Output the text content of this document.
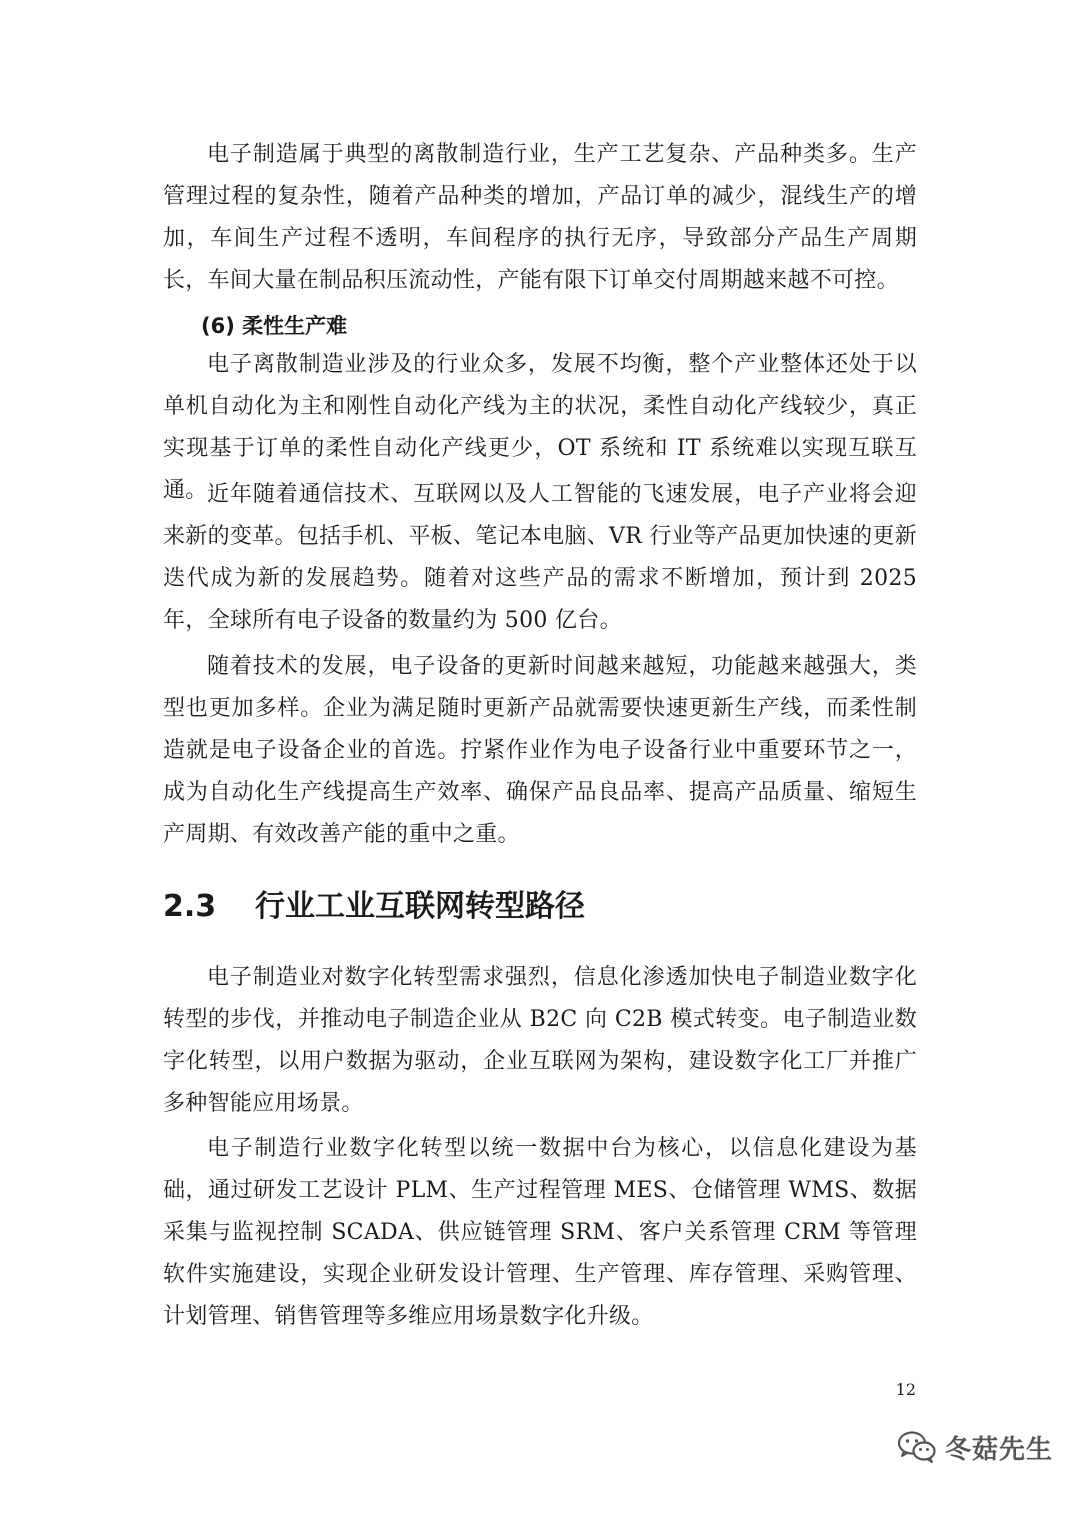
电子制造属于典型的离散制造行业，生产工艺复杂、产品种类多。生产管理过程的复杂性，随着产品种类的增加，产品订单的减少，混线生产的增加，车间生产过程不透明，车间程序的执行无序，导致部分产品生产周期长，车间大量在制品积压流动性，产能有限下订单交付周期越来越不可控。

(6) 柔性生产难

电子离散制造业涉及的行业众多，发展不均衡，整个产业整体还处于以单机自动化为主和刚性自动化产线为主的状况，柔性自动化产线较少，真正实现基于订单的柔性自动化产线更少，OT 系统和 IT 系统难以实现互联互通。 近年随着通信技术、互联网以及人工智能的飞速发展，电子产业将会迎来新的变革。包括手机、平板、笔记本电脑、VR 行业等产品更加快速的更新迭代成为新的发展趋势。随着对这些产品的需求不断增加，预计到 2025 年，全球所有电子设备的数量约为 500 亿台。

随着技术的发展，电子设备的更新时间越来越短，功能越来越强大，类型也更加多样。企业为满足随时更新产品就需要快速更新生产线，而柔性制造就是电子设备企业的首选。拧紧作业作为电子设备行业中重要环节之一，成为自动化生产线提高生产效率、确保产品良品率、提高产品质量、缩短生产周期、有效改善产能的重中之重。

2.3 行业工业互联网转型路径

电子制造业对数字化转型需求强烈，信息化渗透加快电子制造业数字化转型的步伐，并推动电子制造企业从 B2C 向 C2B 模式转变。电子制造业数字化转型，以用户数据为驱动，企业互联网为架构，建设数字化工厂并推广多种智能应用场景。

电子制造行业数字化转型以统一数据中台为核心，以信息化建设为基础，通过研发工艺设计 PLM、生产过程管理 MES、仓储管理 WMS、数据采集与监视控制 SCADA、供应链管理 SRM、客户关系管理 CRM 等管理软件实施建设，实现企业研发设计管理、生产管理、库存管理、采购管理、计划管理、销售管理等多维应用场景数字化升级。

12
冬菇先生
